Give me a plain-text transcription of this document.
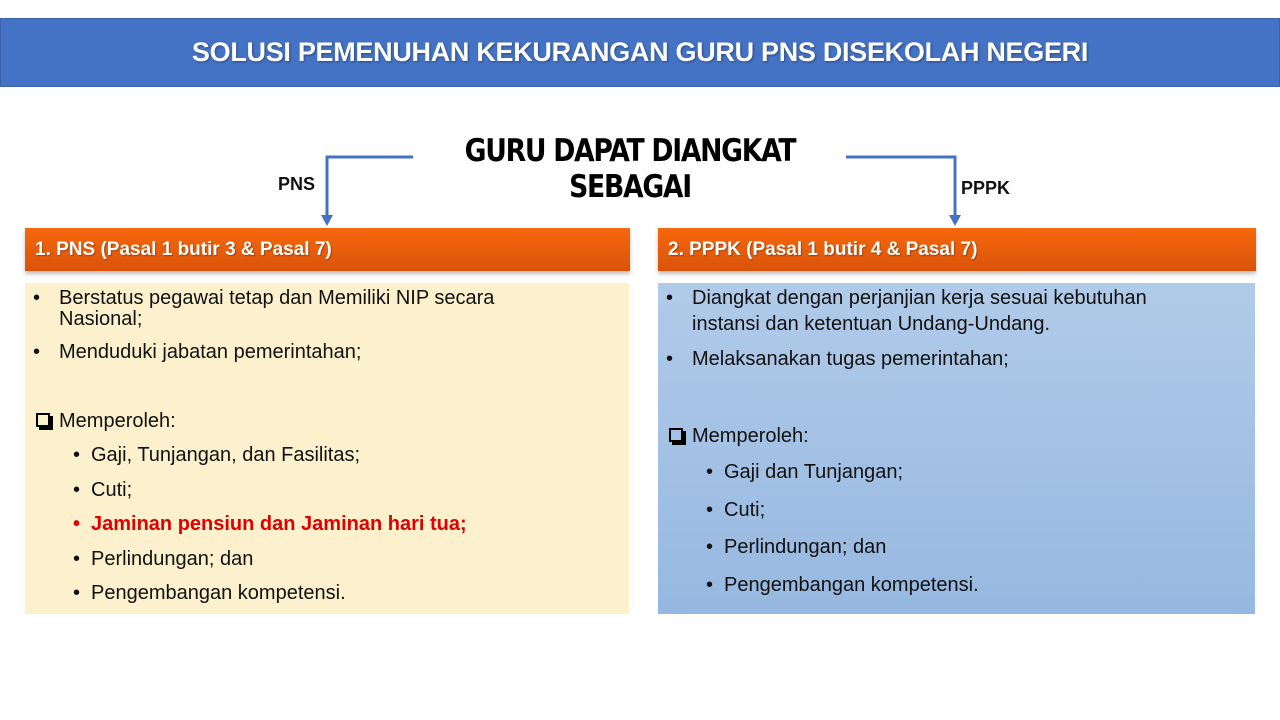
SOLUSI PEMENUHAN KEKURANGAN GURU PNS DISEKOLAH NEGERI
GURU DAPAT DIANGKAT SEBAGAI
PNS	PPPK
1. PNS (Pasal 1 butir 3 & Pasal 7)	2. PPPK (Pasal 1 butir 4 & Pasal 7)
• Berstatus pegawai tetap dan Memiliki NIP secara
Nasional;
• Menduduki jabatan pemerintahan;
Memperoleh:
• Gaji, Tunjangan, dan Fasilitas;
• Cuti;
• Jaminan pensiun dan Jaminan hari tua;
• Perlindungan; dan
• Pengembangan kompetensi.
• Diangkat dengan perjanjian kerja sesuai kebutuhan
instansi dan ketentuan Undang-Undang.
• Melaksanakan tugas pemerintahan;
Memperoleh:
• Gaji dan Tunjangan;
• Cuti;
• Perlindungan; dan
• Pengembangan kompetensi.
